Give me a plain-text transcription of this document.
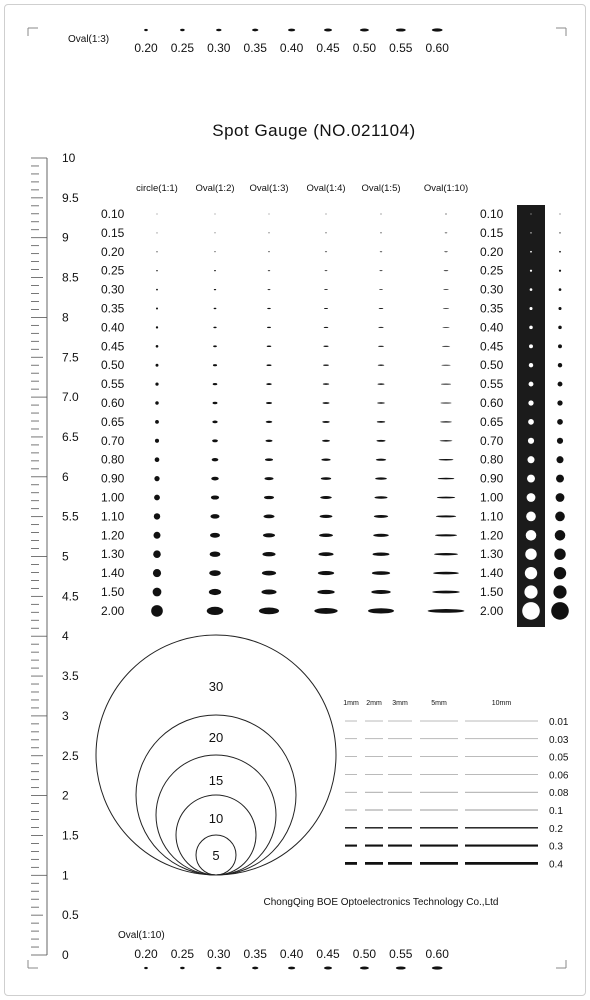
10
9.5
9
8.5
8
7.5
7.0
6.5
6
5.5
5
4.5
4
3.5
3
2.5
2
1.5
1
0.5
0
Oval(1:3)
0.20 0.25 0.30 0.35 0.40 0.45 0.50 0.55 0.60
Spot Gauge (NO.021104)
circle(1:1) Oval(1:2) Oval(1:3) Oval(1:4) Oval(1:5) Oval(1:10)
0.10
0.15
0.20
0.25
0.30
0.35
0.40
0.45
0.50
0.55
0.60
0.65
0.70
0.80
0.90
1.00
1.10
1.20
1.30
1.40
1.50
2.00
0.10
0.15
0.20
0.25
0.30
0.35
0.40
0.45
0.50
0.55
0.60
0.65
0.70
0.80
0.90
1.00
1.10
1.20
1.30
1.40
1.50
2.00
30
20
15
10
5
1mm 2mm 3mm	5mm	10mm
0.01
0.03
0.05
0.06
0.08
0.1
0.2
0.3
0.4
ChongQing BOE Optoelectronics Technology Co.,Ltd
Oval(1:10)
0.20 0.25 0.30 0.35 0.40 0.45 0.50 0.55 0.60
